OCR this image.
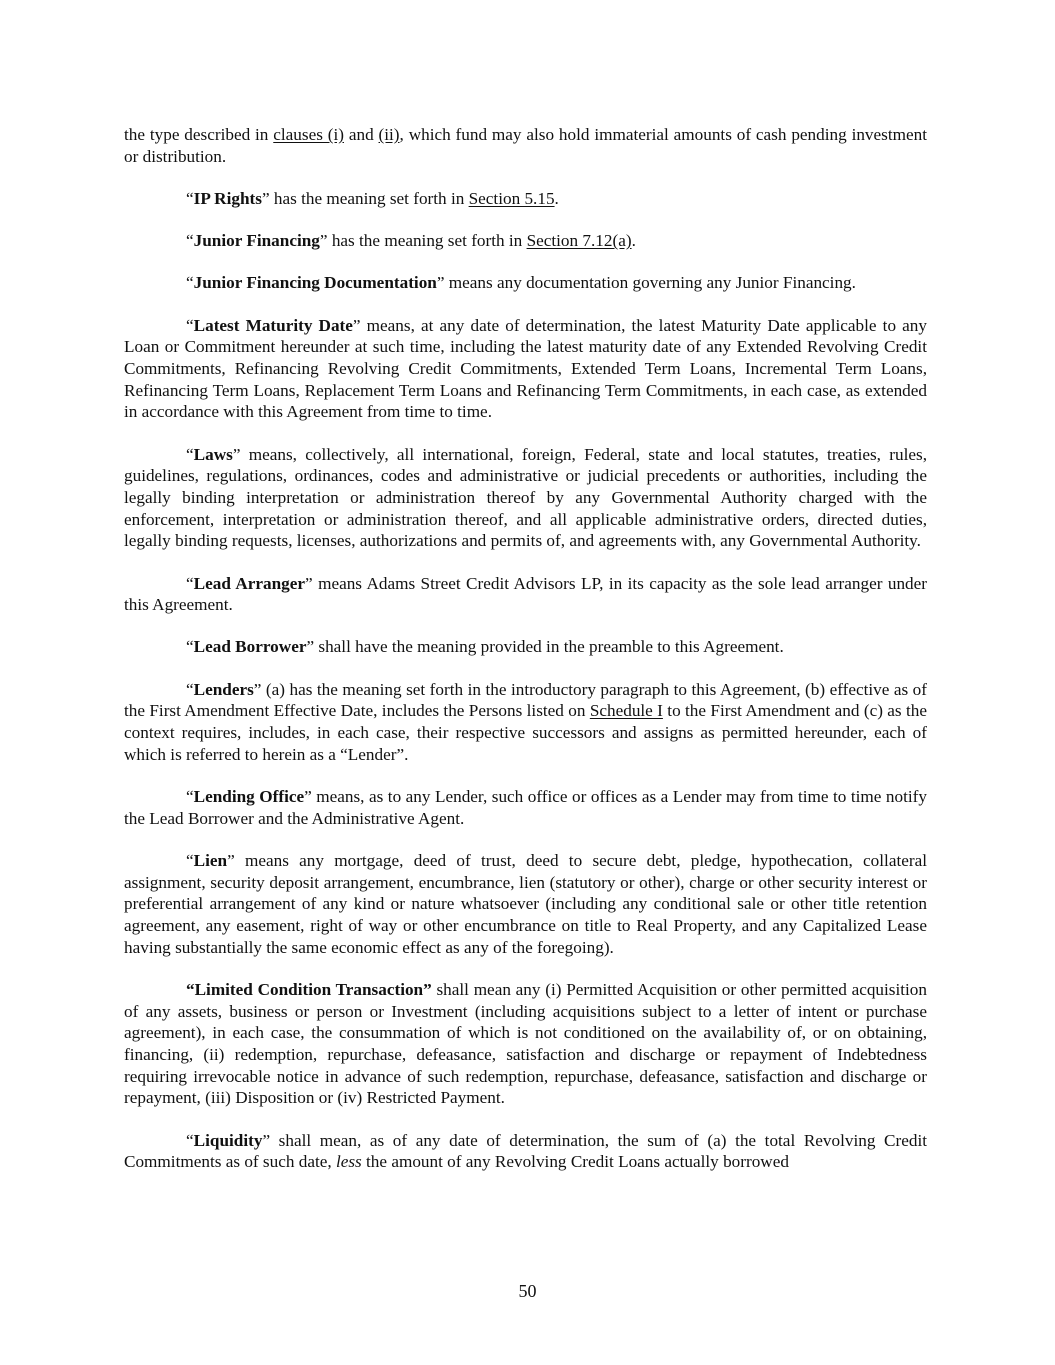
the type described in clauses (i) and (ii), which fund may also hold immaterial amounts of cash pending investment or distribution.

“IP Rights” has the meaning set forth in Section 5.15.

“Junior Financing” has the meaning set forth in Section 7.12(a).

“Junior Financing Documentation” means any documentation governing any Junior Financing.

“Latest Maturity Date” means, at any date of determination, the latest Maturity Date applicable to any Loan or Commitment hereunder at such time, including the latest maturity date of any Extended Revolving Credit Commitments, Refinancing Revolving Credit Commitments, Extended Term Loans, Incremental Term Loans, Refinancing Term Loans, Replacement Term Loans and Refinancing Term Commitments, in each case, as extended in accordance with this Agreement from time to time.

“Laws” means, collectively, all international, foreign, Federal, state and local statutes, treaties, rules, guidelines, regulations, ordinances, codes and administrative or judicial precedents or authorities, including the legally binding interpretation or administration thereof by any Governmental Authority charged with the enforcement, interpretation or administration thereof, and all applicable administrative orders, directed duties, legally binding requests, licenses, authorizations and permits of, and agreements with, any Governmental Authority.

“Lead Arranger” means Adams Street Credit Advisors LP, in its capacity as the sole lead arranger under this Agreement.

“Lead Borrower” shall have the meaning provided in the preamble to this Agreement.

“Lenders” (a) has the meaning set forth in the introductory paragraph to this Agreement, (b) effective as of the First Amendment Effective Date, includes the Persons listed on Schedule I to the First Amendment and (c) as the context requires, includes, in each case, their respective successors and assigns as permitted hereunder, each of which is referred to herein as a “Lender”.

“Lending Office” means, as to any Lender, such office or offices as a Lender may from time to time notify the Lead Borrower and the Administrative Agent.

“Lien” means any mortgage, deed of trust, deed to secure debt, pledge, hypothecation, collateral assignment, security deposit arrangement, encumbrance, lien (statutory or other), charge or other security interest or preferential arrangement of any kind or nature whatsoever (including any conditional sale or other title retention agreement, any easement, right of way or other encumbrance on title to Real Property, and any Capitalized Lease having substantially the same economic effect as any of the foregoing).

“Limited Condition Transaction” shall mean any (i) Permitted Acquisition or other permitted acquisition of any assets, business or person or Investment (including acquisitions subject to a letter of intent or purchase agreement), in each case, the consummation of which is not conditioned on the availability of, or on obtaining, financing, (ii) redemption, repurchase, defeasance, satisfaction and discharge or repayment of Indebtedness requiring irrevocable notice in advance of such redemption, repurchase, defeasance, satisfaction and discharge or repayment, (iii) Disposition or (iv) Restricted Payment.

“Liquidity” shall mean, as of any date of determination, the sum of (a) the total Revolving Credit Commitments as of such date, less the amount of any Revolving Credit Loans actually borrowed

50
